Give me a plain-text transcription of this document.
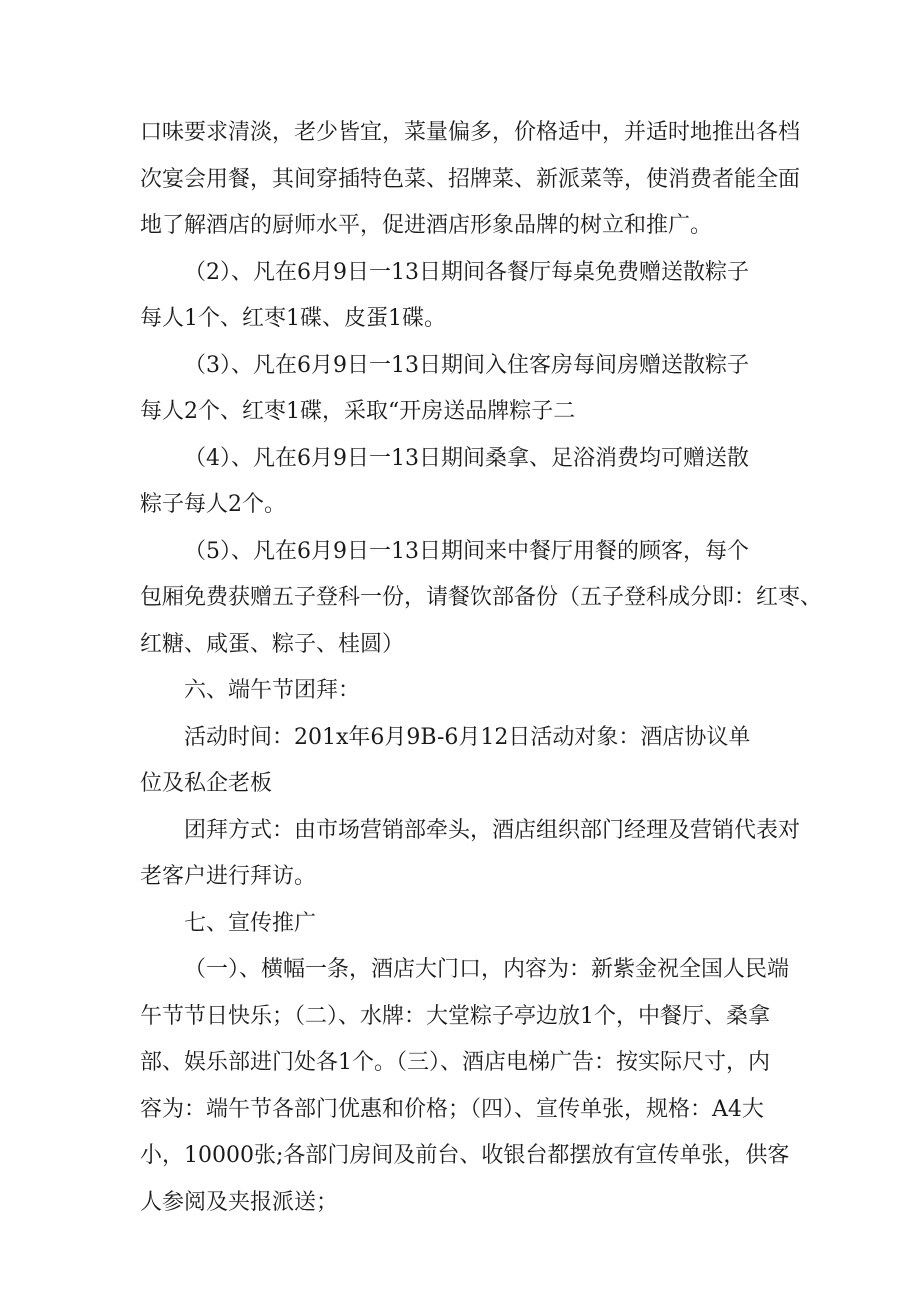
口味要求清淡，老少皆宜，菜量偏多，价格适中，并适时地推出各档
次宴会用餐，其间穿插特色菜、招牌菜、新派菜等，使消费者能全面
地了解酒店的厨师水平，促进酒店形象品牌的树立和推广。
（2）、凡在6月9日一13日期间各餐厅每桌免费赠送散粽子
每人1个、红枣1碟、皮蛋1碟。
（3）、凡在6月9日一13日期间入住客房每间房赠送散粽子
每人2个、红枣1碟，采取“开房送品牌粽子二
（4）、凡在6月9日一13日期间桑拿、足浴消费均可赠送散
粽子每人2个。
（5）、凡在6月9日一13日期间来中餐厅用餐的顾客，每个
包厢免费获赠五子登科一份，请餐饮部备份（五子登科成分即：红枣、
红糖、咸蛋、粽子、桂圆）
六、端午节团拜：
活动时间：201x年6月9B-6月12日活动对象：酒店协议单
位及私企老板
团拜方式：由市场营销部牵头，酒店组织部门经理及营销代表对
老客户进行拜访。
七、宣传推广
（一）、横幅一条，酒店大门口，内容为：新紫金祝全国人民端
午节节日快乐；（二）、水牌：大堂粽子亭边放1个，中餐厅、桑拿
部、娱乐部进门处各1个。（三）、酒店电梯广告：按实际尺寸，内
容为：端午节各部门优惠和价格；（四）、宣传单张，规格：A4大
小，10000张;各部门房间及前台、收银台都摆放有宣传单张，供客
人参阅及夹报派送；
